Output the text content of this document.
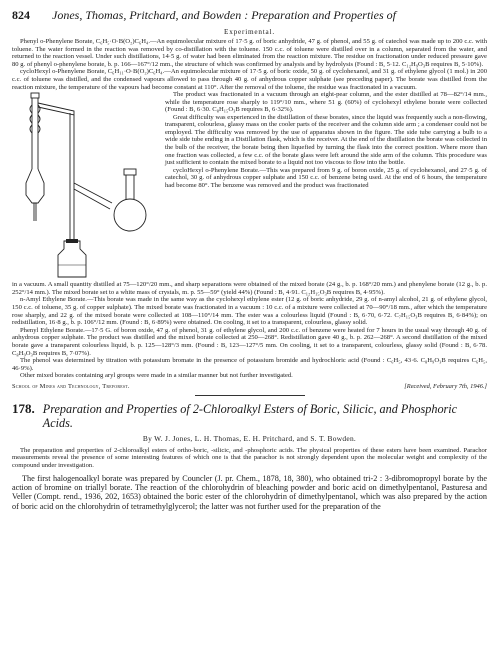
824 Jones, Thomas, Pritchard, and Bowden : Preparation and Properties of
Experimental.

Phenyl o-Phenylene Borate, C₆H₅·O·B(O₂)C₆H₄.—An equimolecular mixture of 17·5 g. of boric anhydride, 47 g. of phenol, and 55 g. of catechol was made up to 200 c.c. with toluene. The water formed in the reaction was removed by co-distillation with the toluene. 150 c.c. of toluene were distilled over in a column, separated from the water, and returned to the reaction vessel. Under such distillations, 14·5 g. of water had been eliminated from the reaction mixture. The residue on fractionation under reduced pressure gave 80 g. of phenyl o-phenylene borate, b. p. 166—167°/12 mm., the structure of which was confirmed by analysis and by hydrolysis (Found : B, 5·12. C₁₂H₉O₃B requires B, 5·10%).

cycloHexyl o-Phenylene Borate, C₆H₁₁·O·B(O₂)C₆H₄.—An equimolecular mixture of 17·5 g. of boric oxide, 50 g. of cyclohexanol, and 31 g. of ethylene glycol (1 mol.) in 200 c.c. of toluene was distilled, and the condensed vapours allowed to pass through 40 g. of anhydrous copper sulphate (see preceding paper). The borate was distilled from the reaction mixture, the temperature of the vapours had become constant at 110°. After the removal of the toluene, the residue was fractionated in a vacuum.

The product was fractionated in a vacuum through an eight-pear column, and the ester distilled at 78—82°/14 mm., while the temperature rose sharply to 119°/10 mm., where 51 g. (60%) of cyclohexyl ethylene borate were collected (Found : B, 6·30. C₈H₁₅O₃B requires B, 6·32%).

Great difficulty was experienced in the distillation of these borates, since the liquid was frequently such a non-flowing, transparent, colourless, glassy mass on the cooler parts of the receiver and the column side arm ; a condenser could not be employed. The difficulty was removed by the use of apparatus shown in the figure. The side tube carrying a bulb to a wide side tube ending in a Distillation flask, which is the receiver. At the end of the distillation the borate was collected in the bulb of the receiver, the borate being then liquefied by turning the flask into the correct position. Where more than one fraction was collected, a few c.c. of the borate glass were left around the side arm of the column. This procedure was just sufficient to contain the mixed borate to a liquid not too viscous to flow into the bottle.

cycloHexyl o-Phenylene Borate.—This was prepared from 9 g. of boron oxide, 25 g. of cyclohexanol, and 27·5 g. of catechol, 30 g. of anhydrous copper sulphate and 150 c.c. of benzene being used. At the end of 6 hours, the temperature had become 80°. The benzene was removed and the product was fractionated

in a vacuum. A small quantity distilled at 75—120°/20 mm., and sharp separations were obtained of the mixed borate (24 g., b. p. 168°/20 mm.) and phenylene borate (12 g., b. p. 252°/14 mm.). The mixed borate set to a white mass of crystals, m. p. 55—59° (yield 44%) (Found : B, 4·91. C₁₂H₁₅O₃B requires B, 4·95%).

n-Amyl Ethylene Borate.—This borate was made in the same way as the cyclohexyl ethylene ester (12 g. of boric anhydride, 29 g. of n-amyl alcohol, 21 g. of ethylene glycol, 150 c.c. of toluene, 35 g. of copper sulphate). The mixed borate was fractionated in a vacuum : 10 c.c. of a mixture were collected at 70—90°/18 mm., after which the temperature rose sharply, and 22 g. of the mixed borate were collected at 108—110°/14 mm. The ester was a colourless liquid (Found : B, 6·70, 6·72. C₇H₁₅O₃B requires B, 6·84%); on redistillation, 16·8 g., b. p. 106°/12 mm. (Found : B, 6·89%) were obtained. On cooling, it set to a transparent, colourless, glassy solid.

Phenyl Ethylene Borate.—17·5 G. of boron oxide, 47 g. of phenol, 31 g. of ethylene glycol, and 200 c.c. of benzene were heated for 7 hours in the usual way through 40 g. of anhydrous copper sulphate. The product was distilled and the mixed borate collected at 250—268°. Redistillation gave 40 g., b. p. 262—268°. A second distillation of the mixed borate gave a transparent colourless liquid, b. p. 125—128°/3 mm. (Found : B, 123—127°/5 mm. On cooling, it set to a transparent, colourless, glassy solid (Found : B, 6·78. C₈H₉O₃B requires B, 7·07%).

The phenol was determined by titration with potassium bromate in the presence of potassium bromide and hydrochloric acid (Found : C₆H₅, 43·6. C₈H₉O₃B requires C₆H₅, 46·9%).

Other mixed borates containing aryl groups were made in a similar manner but not further investigated.

School of Mines and Technology, Treforest.	[Received, February 7th, 1946.]
178. Preparation and Properties of 2-Chloroalkyl Esters of Boric, Silicic, and Phosphoric Acids.
By W. J. Jones, L. H. Thomas, E. H. Pritchard, and S. T. Bowden.

The preparation and properties of 2-chloroalkyl esters of ortho-boric, -silicic, and -phosphoric acids. The physical properties of these esters have been examined. Parachor measurements reveal the presence of some interesting features of which one is that the parachor is not strongly dependent upon the molecular weight and complexity of the compound under investigation.

The first halogenoalkyl borate was prepared by Councler (J. pr. Chem., 1878, 18, 380), who obtained tri-2 : 3-dibromopropyl borate by the action of bromine on triallyl borate. The reaction of the chlorohydrin of bleaching powder and boric acid on dimethylpentanol, Pasturesa and Veller (Compt. rend., 1936, 202, 1653) obtained the boric ester of the chlorohydrin of dimethylpentanol, which was also prepared by the action of boric acid on the chlorohydrin of tetramethylglycerol; the latter was not further used for the preparation of the
